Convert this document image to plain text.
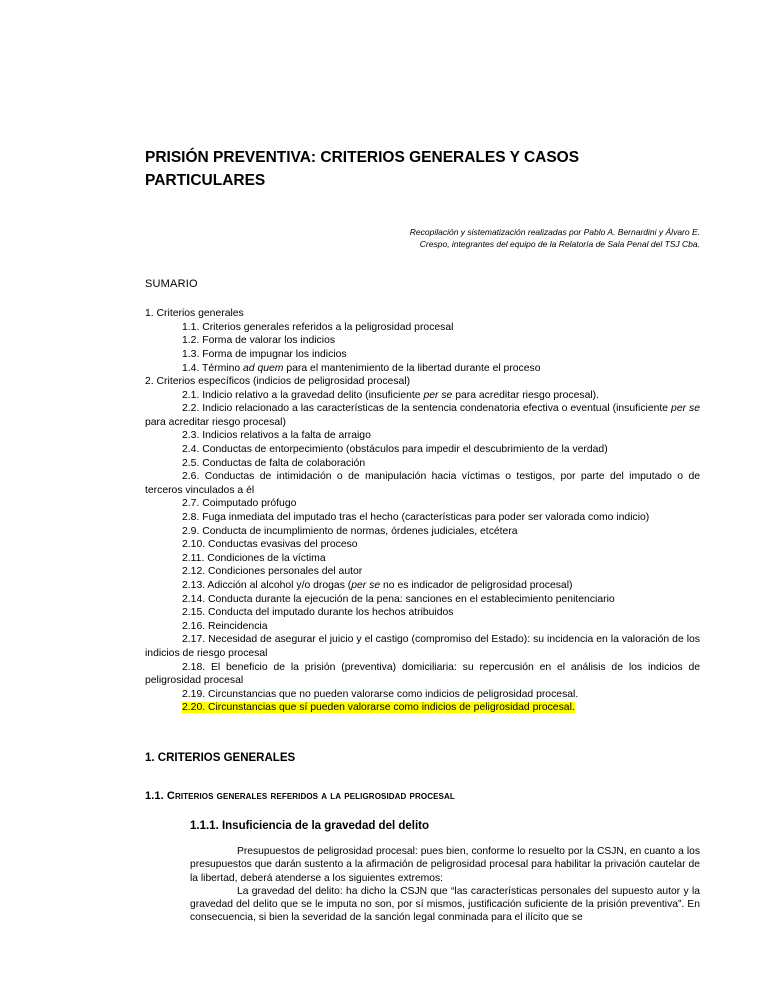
PRISIÓN PREVENTIVA: CRITERIOS GENERALES Y CASOS PARTICULARES
Recopilación y sistematización realizadas por Pablo A. Bernardini y Álvaro E.
Crespo, integrantes del equipo de la Relatoría de Sala Penal del TSJ Cba.
SUMARIO

1. Criterios generales

1.1. Criterios generales referidos a la peligrosidad procesal

1.2. Forma de valorar los indicios

1.3. Forma de impugnar los indicios

1.4. Término ad quem para el mantenimiento de la libertad durante el proceso

2. Criterios específicos (indicios de peligrosidad procesal)

2.1. Indicio relativo a la gravedad delito (insuficiente per se para acreditar riesgo procesal).

2.2. Indicio relacionado a las características de la sentencia condenatoria efectiva o eventual (insuficiente per se para acreditar riesgo procesal)

2.3. Indicios relativos a la falta de arraigo

2.4. Conductas de entorpecimiento (obstáculos para impedir el descubrimiento de la verdad)

2.5. Conductas de falta de colaboración

2.6. Conductas de intimidación o de manipulación hacia víctimas o testigos, por parte del imputado o de terceros vinculados a él

2.7. Coimputado prófugo

2.8. Fuga inmediata del imputado tras el hecho (características para poder ser valorada como indicio)

2.9. Conducta de incumplimiento de normas, órdenes judiciales, etcétera

2.10. Conductas evasivas del proceso

2.11. Condiciones de la víctima

2.12. Condiciones personales del autor

2.13. Adicción al alcohol y/o drogas (per se no es indicador de peligrosidad procesal)

2.14. Conducta durante la ejecución de la pena: sanciones en el establecimiento penitenciario

2.15. Conducta del imputado durante los hechos atribuidos

2.16. Reincidencia

2.17. Necesidad de asegurar el juicio y el castigo (compromiso del Estado): su incidencia en la valoración de los indicios de riesgo procesal

2.18. El beneficio de la prisión (preventiva) domiciliaria: su repercusión en el análisis de los indicios de peligrosidad procesal

2.19. Circunstancias que no pueden valorarse como indicios de peligrosidad procesal.

2.20. Circunstancias que sí pueden valorarse como indicios de peligrosidad procesal.

1. CRITERIOS GENERALES
1.1. Criterios generales referidos a la peligrosidad procesal
1.1.1. Insuficiencia de la gravedad del delito

Presupuestos de peligrosidad procesal: pues bien, conforme lo resuelto por la CSJN, en cuanto a los presupuestos que darán sustento a la afirmación de peligrosidad procesal para habilitar la privación cautelar de la libertad, deberá atenderse a los siguientes extremos:

La gravedad del delito: ha dicho la CSJN que “las características personales del supuesto autor y la gravedad del delito que se le imputa no son, por sí mismos, justificación suficiente de la prisión preventiva”. En consecuencia, si bien la severidad de la sanción legal conminada para el ilícito que se
